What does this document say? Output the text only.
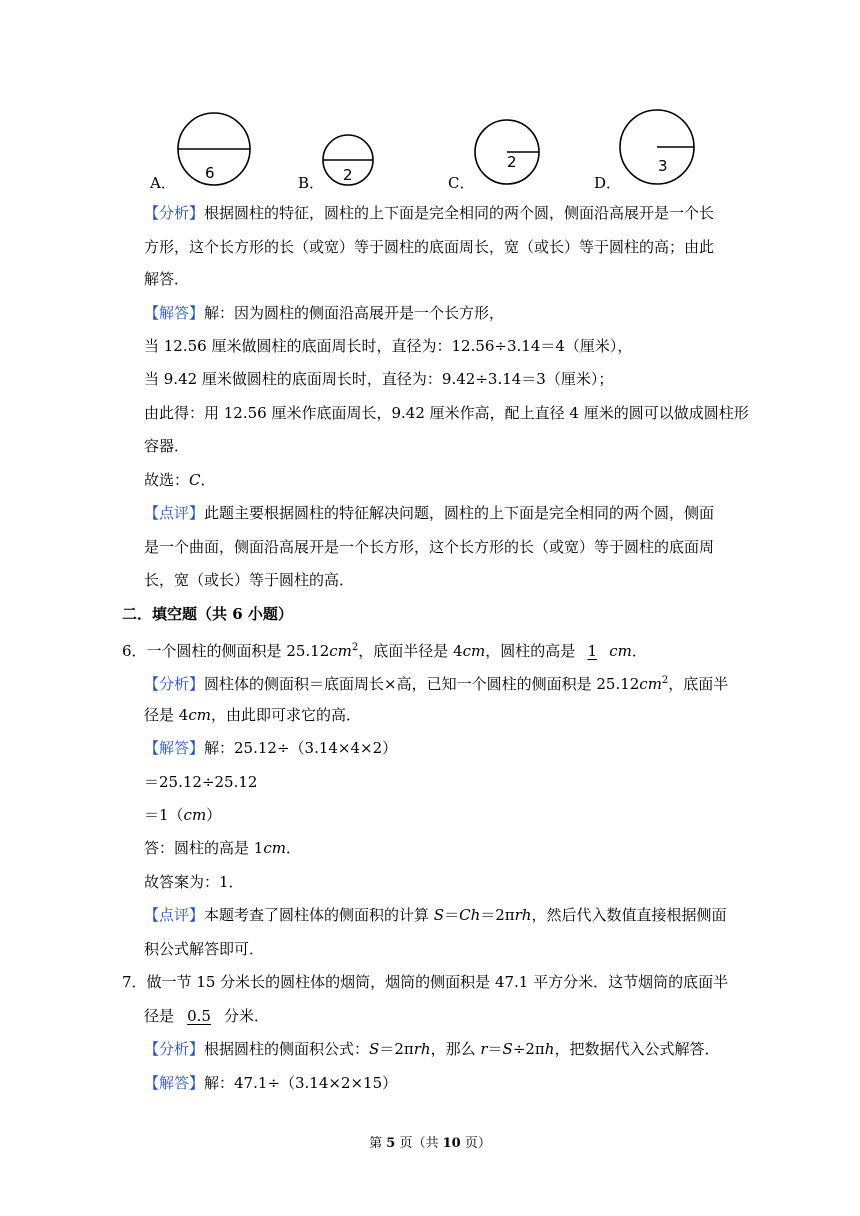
A．
6
B． 2	C．
2
D．
3
【分析】根据圆柱的特征，圆柱的上下面是完全相同的两个圆，侧面沿高展开是一个长
方形，这个长方形的长（或宽）等于圆柱的底面周长，宽（或长）等于圆柱的高；由此
解答．
【解答】解：因为圆柱的侧面沿高展开是一个长方形，
当 12.56 厘米做圆柱的底面周长时，直径为：12.56÷3.14＝4（厘米），
当 9.42 厘米做圆柱的底面周长时，直径为：9.42÷3.14＝3（厘米）；
由此得：用 12.56 厘米作底面周长，9.42 厘米作高，配上直径 4 厘米的圆可以做成圆柱形
容器．
故选：C．
【点评】此题主要根据圆柱的特征解决问题，圆柱的上下面是完全相同的两个圆，侧面
是一个曲面，侧面沿高展开是一个长方形，这个长方形的长（或宽）等于圆柱的底面周
长，宽（或长）等于圆柱的高．
二．填空题（共 6 小题）
6．一个圆柱的侧面积是 $25.12cm^2$，底面半径是 4cm，圆柱的高是 1 cm．
【分析】圆柱体的侧面积＝底面周长×高，已知一个圆柱的侧面积是 $25.12cm^2$，底面半
径是 4cm，由此即可求它的高．
【解答】解：25.12÷（3.14×4×2）
＝25.12÷25.12
＝1（cm）
答：圆柱的高是 1cm．
故答案为：1．
【点评】本题考查了圆柱体的侧面积的计算 S＝Ch＝2πrh，然后代入数值直接根据侧面
积公式解答即可．
7．做一节 15 分米长的圆柱体的烟筒，烟筒的侧面积是 47.1 平方分米．这节烟筒的底面半
径是 0.5 分米．
【分析】根据圆柱的侧面积公式：S＝2πrh，那么 r＝S÷2πh，把数据代入公式解答．
【解答】解：47.1÷（3.14×2×15）
第 5 页（共 10 页）
